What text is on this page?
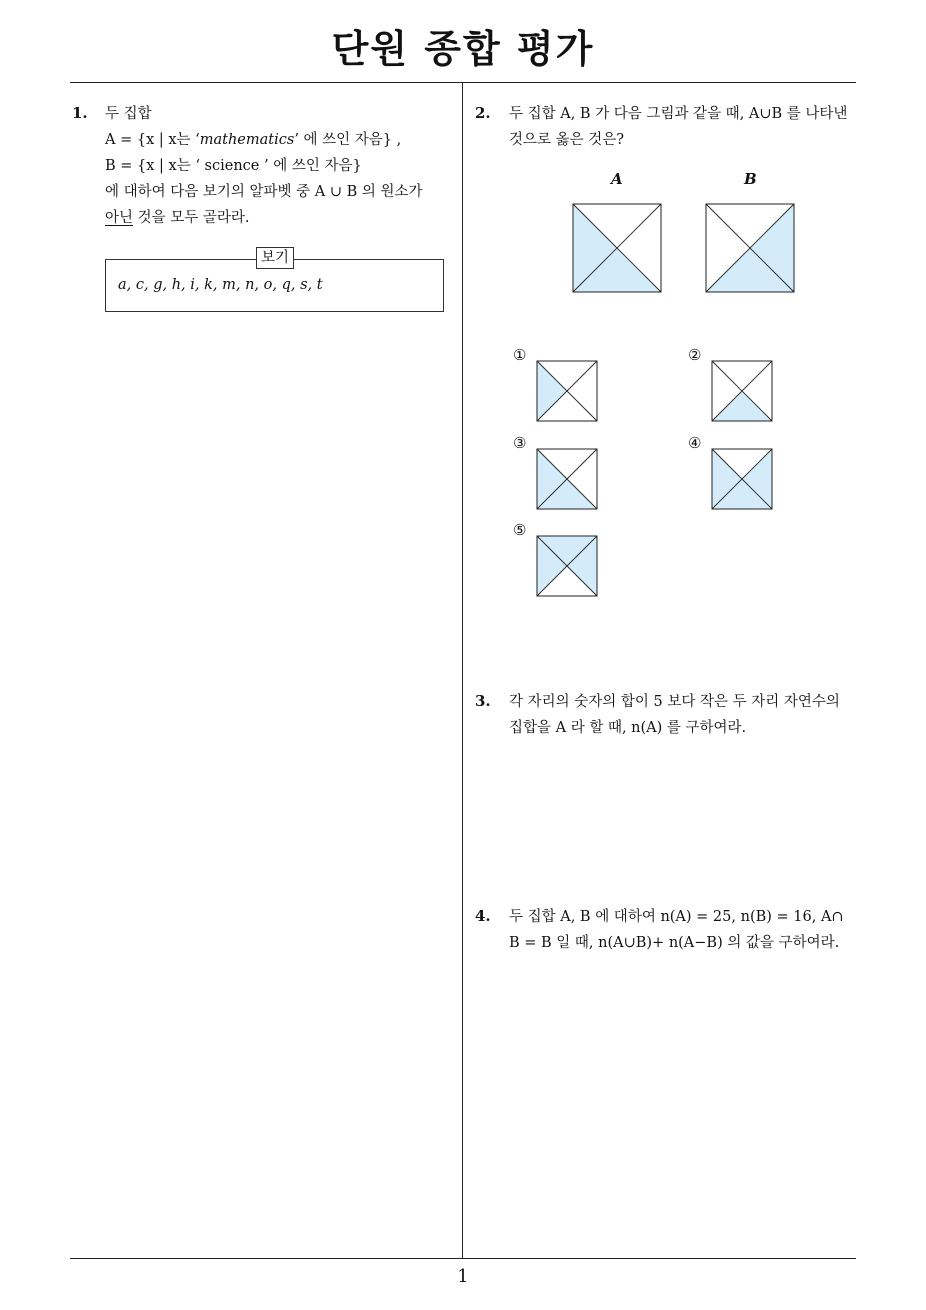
단원 종합 평가
1. 두 집합
A = {x | x는 ‘mathematics’ 에 쓰인 자음} ,
B = {x | x는 ‘ science ’ 에 쓰인 자음}
에 대하여 다음 보기의 알파벳 중 A ∪ B 의 원소가
아닌 것을 모두 골라라.
보기
a, c, g, h, i, k, m, n, o, q, s, t
2. 두 집합 A, B 가 다음 그림과 같을 때, A∪B 를 나타낸
것으로 옳은 것은?
A	B
①	②
③	④
⑤
3. 각 자리의 숫자의 합이 5 보다 작은 두 자리 자연수의
집합을 A 라 할 때, n(A) 를 구하여라.
4. 두 집합 A, B 에 대하여 n(A) = 25, n(B) = 16, A∩
B = B 일 때, n(A∪B)+ n(A−B) 의 값을 구하여라.
1
